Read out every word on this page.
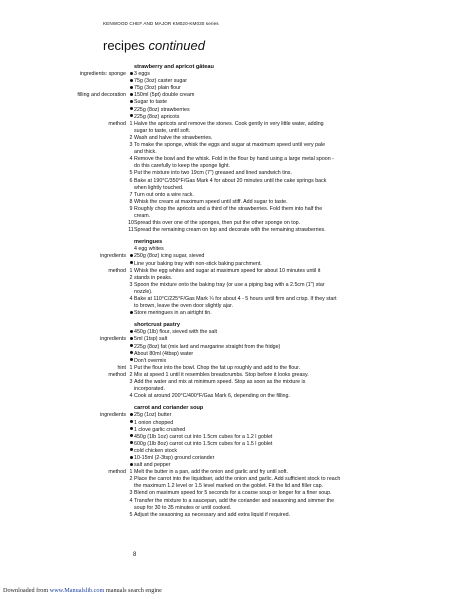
KENWOOD CHEF AND MAJOR KM020-KM030 series
recipes continued
strawberry and apricot gâteau
ingredients: sponge 3 eggs
75g (3oz) caster sugar
75g (3oz) plain flour
filling and decoration 150ml (5pt) double cream
Sugar to taste
225g (8oz) strawberries
225g (8oz) apricots
method 1 Halve the apricots and remove the stones. Cook gently in very little water, adding
sugar to taste, until soft.
2 Wash and halve the strawberries.
3 To make the sponge, whisk the eggs and sugar at maximum speed until very pale
and thick.
4 Remove the bowl and the whisk. Fold in the flour by hand using a large metal spoon -
do this carefully to keep the sponge light.
5 Put the mixture into two 19cm (7") greased and lined sandwich tins.
6 Bake at 190°C/350°F/Gas Mark 4 for about 20 minutes until the cake springs back
when lightly touched.
7 Turn out onto a wire rack.
8 Whisk the cream at maximum speed until stiff. Add sugar to taste.
9 Roughly chop the apricots and a third of the strawberries. Fold them into half the
cream.
10 Spread this over one of the sponges, then put the other sponge on top.
11 Spread the remaining cream on top and decorate with the remaining strawberries.
meringues
4 egg whites
ingredients 250g (8oz) icing sugar, sieved
Line your baking tray with non-stick baking parchment.
method 1 Whisk the egg whites and sugar at maximum speed for about 10 minutes until it
2 stands in peaks.
3 Spoon the mixture onto the baking tray (or use a piping bag with a 2.5cm (1") star
nozzle).
4 Bake at 110°C/225°F/Gas Mark ¼ for about 4 - 5 hours until firm and crisp. If they start
to brown, leave the oven door slightly ajar.
Store meringues in an airtight tin.
shortcrust pastry
450g (1lb) flour, sieved with the salt
ingredients 5ml (1tsp) salt
225g (8oz) fat (mix lard and margarine straight from the fridge)
About 80ml (4tbsp) water
Don't overmix
hint 1 Put the flour into the bowl. Chop the fat up roughly and add to the flour.
method 2 Mix at speed 1 until it resembles breadcrumbs. Stop before it looks greasy.
3 Add the water and mix at minimum speed. Stop as soon as the mixture is
incorporated.
4 Cook at around 200°C/400°F/Gas Mark 6, depending on the filling.
carrot and coriander soup
ingredients 25g (1oz) butter
1 onion chopped
1 clove garlic crushed
450g (1lb 1oz) carrot cut into 1.5cm cubes for a 1.2 l goblet
600g (1lb 8oz) carrot cut into 1.5cm cubes for a 1.5 l goblet
cold chicken stock
10-15ml (2-3tsp) ground coriander
salt and pepper
method 1 Melt the butter in a pan, add the onion and garlic and fry until soft.
2 Place the carrot into the liquidiser, add the onion and garlic. Add sufficient stock to reach
the maximum 1.2 level or 1.5 level marked on the goblet. Fit the lid and filler cap.
3 Blend on maximum speed for 5 seconds for a coarse soup or longer for a finer soup.
4 Transfer the mixture to a saucepan, add the coriander and seasoning and simmer the
soup for 30 to 35 minutes or until cooked.
5 Adjust the seasoning as necessary and add extra liquid if required.
8
Downloaded from www.Manualslib.com manuals search engine
